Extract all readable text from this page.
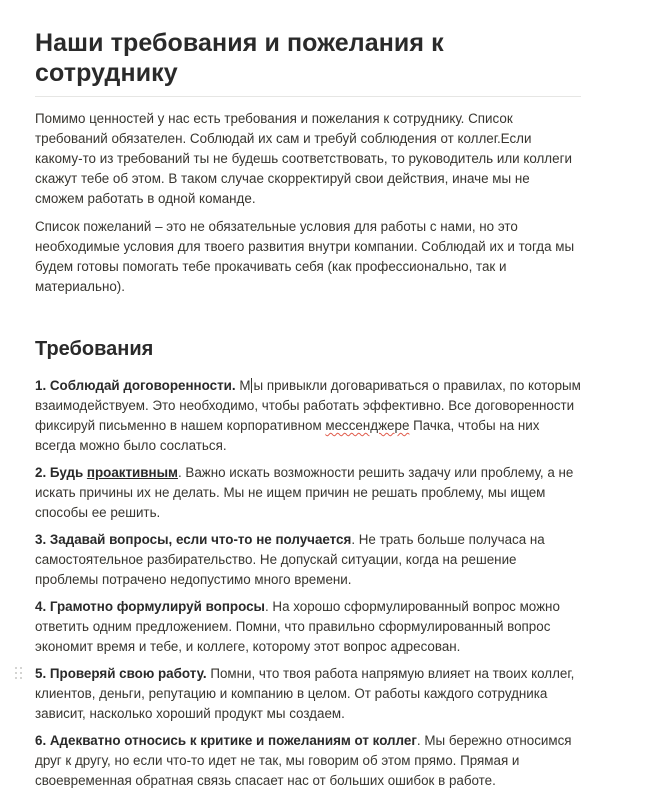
Наши требования и пожелания к сотруднику

Помимо ценностей у нас есть требования и пожелания к сотруднику. Список требований обязателен. Соблюдай их сам и требуй соблюдения от коллег.Если какому-то из требований ты не будешь соответствовать, то руководитель или коллеги скажут тебе об этом. В таком случае скорректируй свои действия, иначе мы не сможем работать в одной команде.

Список пожеланий – это не обязательные условия для работы с нами, но это необходимые условия для твоего развития внутри компании. Соблюдай их и тогда мы будем готовы помогать тебе прокачивать себя (как профессионально, так и материально).

Требования
1. Соблюдай договоренности. М ы привыкли договариваться о правилах, по которым взаимодействуем. Это необходимо, чтобы работать эффективно. Все договоренности фиксируй письменно в нашем корпоративном мессенджере Пачка, чтобы на них всегда можно было сослаться.
2. Будь проактивным. Важно искать возможности решить задачу или проблему, а не искать причины их не делать. Мы не ищем причин не решать проблему, мы ищем способы ее решить.
3. Задавай вопросы, если что-то не получается. Не трать больше получаса на самостоятельное разбирательство. Не допускай ситуации, когда на решение проблемы потрачено недопустимо много времени.
4. Грамотно формулируй вопросы. На хорошо сформулированный вопрос можно ответить одним предложением. Помни, что правильно сформулированный вопрос экономит время и тебе, и коллеге, которому этот вопрос адресован.
5. Проверяй свою работу. Помни, что твоя работа напрямую влияет на твоих коллег, клиентов, деньги, репутацию и компанию в целом. От работы каждого сотрудника зависит, насколько хороший продукт мы создаем.
6. Адекватно относись к критике и пожеланиям от коллег. Мы бережно относимся друг к другу, но если что-то идет не так, мы говорим об этом прямо. Прямая и своевременная обратная связь спасает нас от больших ошибок в работе.
